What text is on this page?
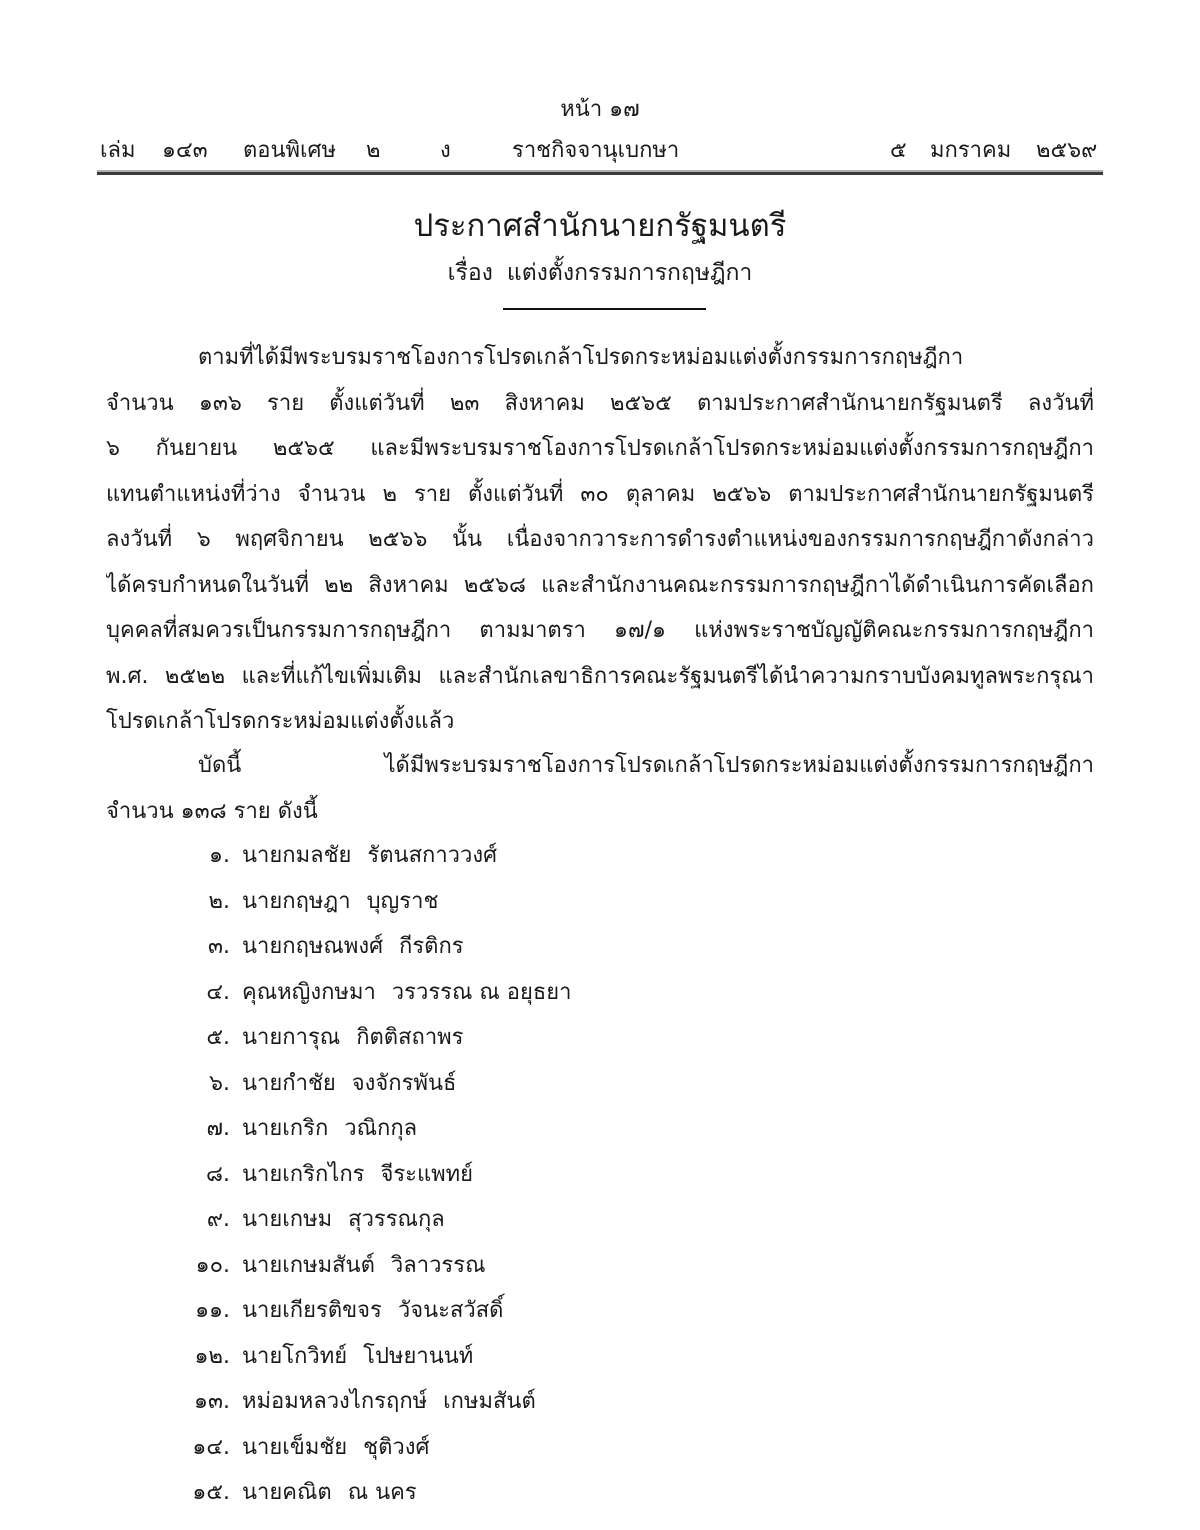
หน้า ๑๗
เล่ม ๑๔๓ ตอนพิเศษ ๒	ง	ราชกิจจานุเบกษา	๕ มกราคม ๒๕๖๙
ประกาศสำนักนายกรัฐมนตรี
เรื่อง แต่งตั้งกรรมการกฤษฎีกา
ตามที่ได้มีพระบรมราชโองการโปรดเกล้าโปรดกระหม่อมแต่งตั้งกรรมการกฤษฎีกา
จำนวน ๑๓๖ ราย ตั้งแต่วันที่ ๒๓ สิงหาคม ๒๕๖๕ ตามประกาศสำนักนายกรัฐมนตรี ลงวันที่
๖ กันยายน ๒๕๖๕ และมีพระบรมราชโองการโปรดเกล้าโปรดกระหม่อมแต่งตั้งกรรมการกฤษฎีกา
แทนตำแหน่งที่ว่าง จำนวน ๒ ราย ตั้งแต่วันที่ ๓๐ ตุลาคม ๒๕๖๖ ตามประกาศสำนักนายกรัฐมนตรี
ลงวันที่ ๖ พฤศจิกายน ๒๕๖๖ นั้น เนื่องจากวาระการดำรงตำแหน่งของกรรมการกฤษฎีกาดังกล่าว
ได้ครบกำหนดในวันที่ ๒๒ สิงหาคม ๒๕๖๘ และสำนักงานคณะกรรมการกฤษฎีกาได้ดำเนินการคัดเลือก
บุคคลที่สมควรเป็นกรรมการกฤษฎีกา ตามมาตรา ๑๗/๑ แห่งพระราชบัญญัติคณะกรรมการกฤษฎีกา
พ.ศ. ๒๕๒๒ และที่แก้ไขเพิ่มเติม และสำนักเลขาธิการคณะรัฐมนตรีได้นำความกราบบังคมทูลพระกรุณา
โปรดเกล้าโปรดกระหม่อมแต่งตั้งแล้ว
บัดนี้ ได้มีพระบรมราชโองการโปรดเกล้าโปรดกระหม่อมแต่งตั้งกรรมการกฤษฎีกา
จำนวน ๑๓๘ ราย ดังนี้
๑. นายกมลชัย รัตนสกาววงศ์
๒. นายกฤษฎา บุญราช
๓. นายกฤษณพงศ์ กีรติกร
๔. คุณหญิงกษมา วรวรรณ ณ อยุธยา
๕. นายการุณ กิตติสถาพร
๖. นายกำชัย จงจักรพันธ์
๗. นายเกริก วณิกกุล
๘. นายเกริกไกร จีระแพทย์
๙. นายเกษม สุวรรณกุล
๑๐. นายเกษมสันต์ วิลาวรรณ
๑๑. นายเกียรติขจร วัจนะสวัสดิ์
๑๒. นายโกวิทย์ โปษยานนท์
๑๓. หม่อมหลวงไกรฤกษ์ เกษมสันต์
๑๔. นายเข็มชัย ชุติวงศ์
๑๕. นายคณิต ณ นคร
